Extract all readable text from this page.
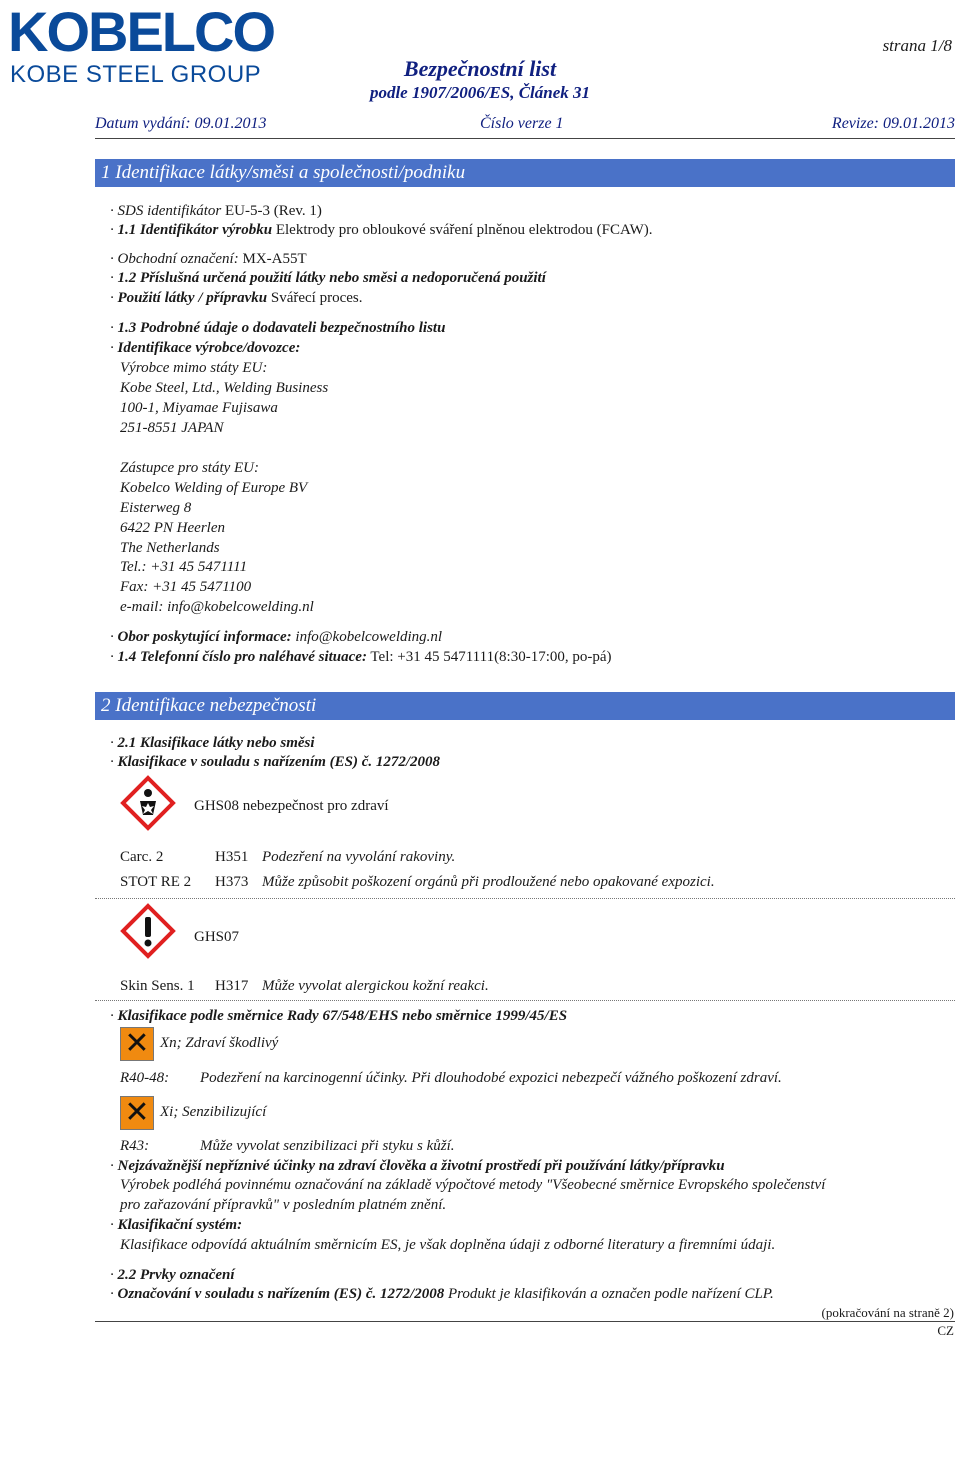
KOBELCO
KOBE STEEL GROUP
strana 1/8
Bezpečnostní list
podle 1907/2006/ES, Článek 31
Datum vydání: 09.01.2013	Číslo verze 1	Revize: 09.01.2013
1 Identifikace látky/směsi a společnosti/podniku
· SDS identifikátor EU-5-3 (Rev. 1)
· 1.1 Identifikátor výrobku Elektrody pro obloukové sváření plněnou elektrodou (FCAW).
· Obchodní označení: MX-A55T
· 1.2 Příslušná určená použití látky nebo směsi a nedoporučená použití
· Použití látky / přípravku Svářecí proces.
· 1.3 Podrobné údaje o dodavateli bezpečnostního listu
· Identifikace výrobce/dovozce:
Výrobce mimo státy EU:
Kobe Steel, Ltd., Welding Business
100-1, Miyamae Fujisawa
251-8551 JAPAN
Zástupce pro státy EU:
Kobelco Welding of Europe BV
Eisterweg 8
6422 PN Heerlen
The Netherlands
Tel.: +31 45 5471111
Fax: +31 45 5471100
e-mail: info@kobelcowelding.nl
· Obor poskytující informace: info@kobelcowelding.nl
· 1.4 Telefonní číslo pro naléhavé situace: Tel: +31 45 5471111(8:30-17:00, po-pá)
2 Identifikace nebezpečnosti
· 2.1 Klasifikace látky nebo směsi
· Klasifikace v souladu s nařízením (ES) č. 1272/2008
GHS08 nebezpečnost pro zdraví
Carc. 2	H351 Podezření na vyvolání rakoviny.
STOT RE 2 H373 Může způsobit poškození orgánů při prodloužené nebo opakované expozici.
GHS07
Skin Sens. 1 H317 Může vyvolat alergickou kožní reakci.
· Klasifikace podle směrnice Rady 67/548/EHS nebo směrnice 1999/45/ES
✕ Xn; Zdraví škodlivý
R40-48: Podezření na karcinogenní účinky. Při dlouhodobé expozici nebezpečí vážného poškození zdraví.
✕ Xi; Senzibilizující
R43:	Může vyvolat senzibilizaci při styku s kůží.
· Nejzávažnější nepříznivé účinky na zdraví člověka a životní prostředí při používání látky/přípravku
Výrobek podléhá povinnému označování na základě výpočtové metody "Všeobecné směrnice Evropského společenství
pro zařazování přípravků" v posledním platném znění.
· Klasifikační systém:
Klasifikace odpovídá aktuálním směrnicím ES, je však doplněna údaji z odborné literatury a firemními údaji.
· 2.2 Prvky označení
· Označování v souladu s nařízením (ES) č. 1272/2008 Produkt je klasifikován a označen podle nařízení CLP.
(pokračování na straně 2)
CZ
